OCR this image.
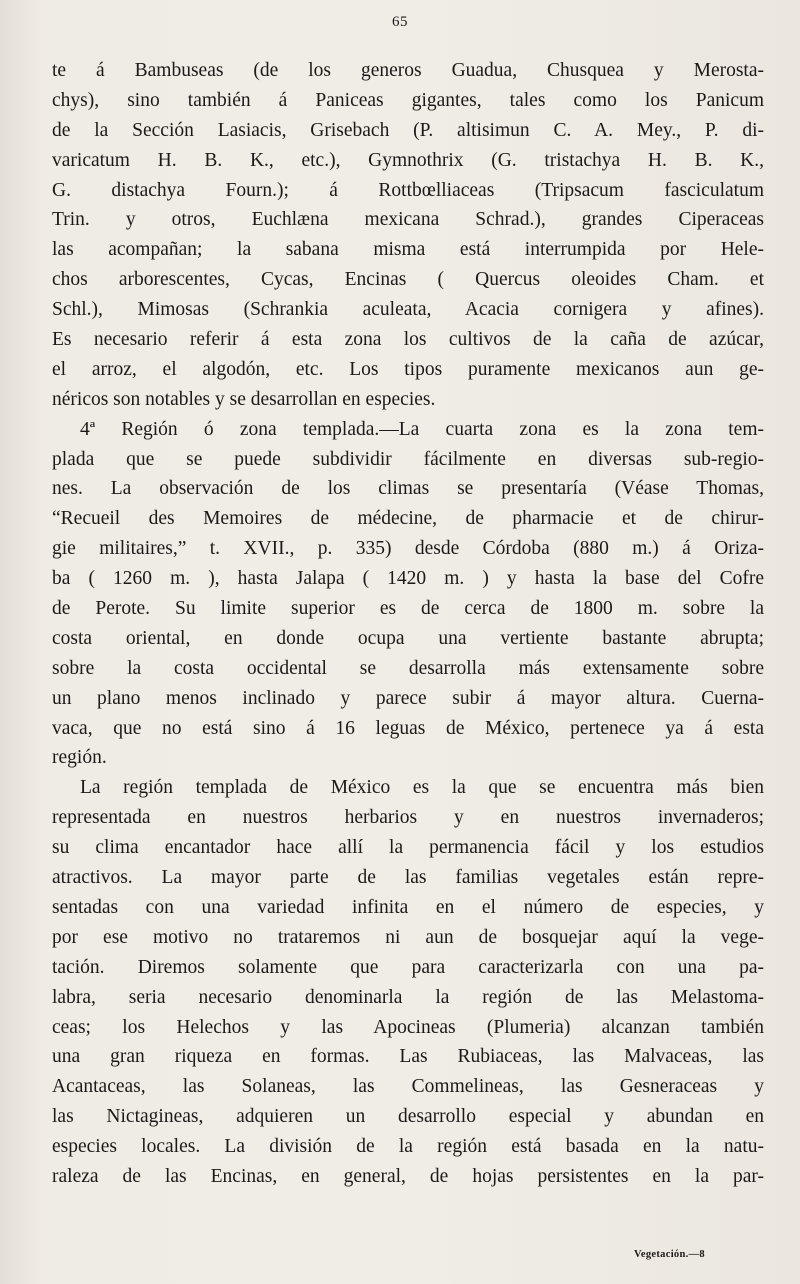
65
te á Bambuseas (de los generos Guadua, Chusquea y Merosta-
chys), sino también á Paniceas gigantes, tales como los Panicum
de la Sección Lasiacis, Grisebach (P. altisimun C. A. Mey., P. di-
varicatum H. B. K., etc.), Gymnothrix (G. tristachya H. B. K.,
G. distachya Fourn.); á Rottbœlliaceas (Tripsacum fasciculatum
Trin. y otros, Euchlæna mexicana Schrad.), grandes Ciperaceas
las acompañan; la sabana misma está interrumpida por Hele-
chos arborescentes, Cycas, Encinas ( Quercus oleoides Cham. et
Schl.), Mimosas (Schrankia aculeata, Acacia cornigera y afines).
Es necesario referir á esta zona los cultivos de la caña de azúcar,
el arroz, el algodón, etc. Los tipos puramente mexicanos aun ge-
néricos son notables y se desarrollan en especies.
4ª Región ó zona templada.—La cuarta zona es la zona tem-
plada que se puede subdividir fácilmente en diversas sub-regio-
nes. La observación de los climas se presentaría (Véase Thomas,
“Recueil des Memoires de médecine, de pharmacie et de chirur-
gie militaires,” t. XVII., p. 335) desde Córdoba (880 m.) á Oriza-
ba ( 1260 m. ), hasta Jalapa ( 1420 m. ) y hasta la base del Cofre
de Perote. Su limite superior es de cerca de 1800 m. sobre la
costa oriental, en donde ocupa una vertiente bastante abrupta;
sobre la costa occidental se desarrolla más extensamente sobre
un plano menos inclinado y parece subir á mayor altura. Cuerna-
vaca, que no está sino á 16 leguas de México, pertenece ya á esta
región.
La región templada de México es la que se encuentra más bien
representada en nuestros herbarios y en nuestros invernaderos;
su clima encantador hace allí la permanencia fácil y los estudios
atractivos. La mayor parte de las familias vegetales están repre-
sentadas con una variedad infinita en el número de especies, y
por ese motivo no trataremos ni aun de bosquejar aquí la vege-
tación. Diremos solamente que para caracterizarla con una pa-
labra, seria necesario denominarla la región de las Melastoma-
ceas; los Helechos y las Apocineas (Plumeria) alcanzan también
una gran riqueza en formas. Las Rubiaceas, las Malvaceas, las
Acantaceas, las Solaneas, las Commelineas, las Gesneraceas y
las Nictagineas, adquieren un desarrollo especial y abundan en
especies locales. La división de la región está basada en la natu-
raleza de las Encinas, en general, de hojas persistentes en la par-
Vegetación.—8
